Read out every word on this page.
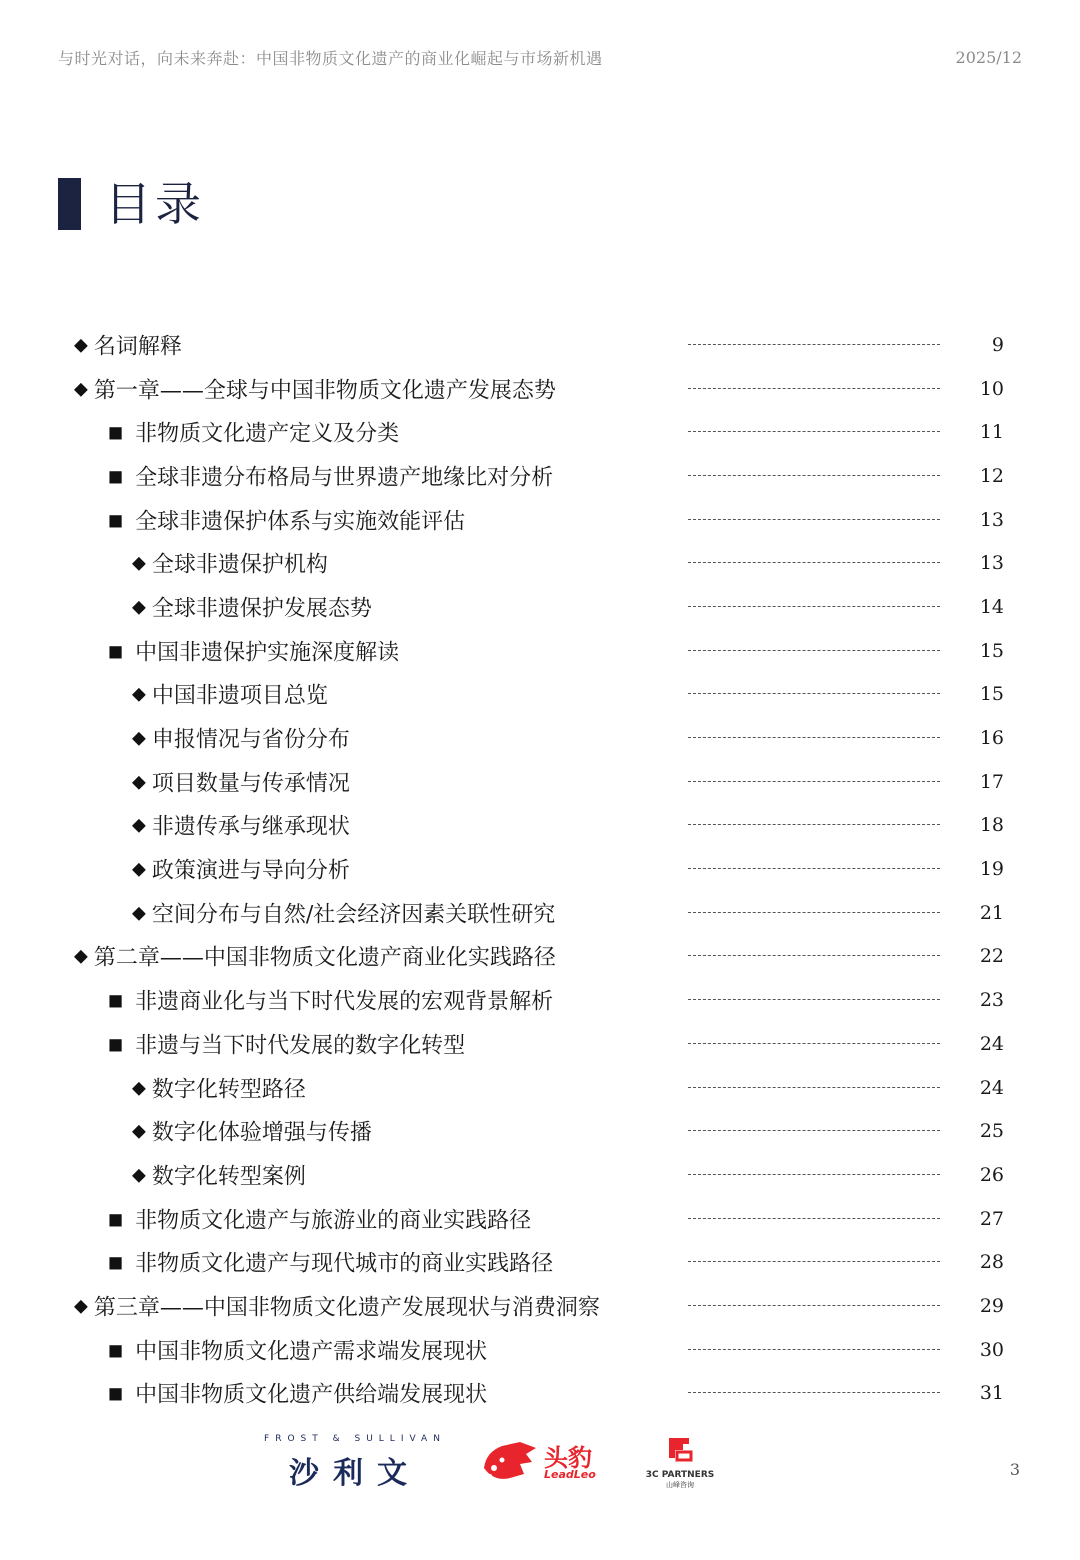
与时光对话，向未来奔赴：中国非物质文化遗产的商业化崛起与市场新机遇	2025/12
目录
◆ 名词解释	9
◆ 第一章——全球与中国非物质文化遗产发展态势	10
■ 非物质文化遗产定义及分类	11
■ 全球非遗分布格局与世界遗产地缘比对分析	12
■ 全球非遗保护体系与实施效能评估	13
◆ 全球非遗保护机构	13
◆ 全球非遗保护发展态势	14
■ 中国非遗保护实施深度解读	15
◆ 中国非遗项目总览	15
◆ 申报情况与省份分布	16
◆ 项目数量与传承情况	17
◆ 非遗传承与继承现状	18
◆ 政策演进与导向分析	19
◆ 空间分布与自然/社会经济因素关联性研究	21
◆ 第二章——中国非物质文化遗产商业化实践路径	22
■ 非遗商业化与当下时代发展的宏观背景解析	23
■ 非遗与当下时代发展的数字化转型	24
◆ 数字化转型路径	24
◆ 数字化体验增强与传播	25
◆ 数字化转型案例	26
■ 非物质文化遗产与旅游业的商业实践路径	27
■ 非物质文化遗产与现代城市的商业实践路径	28
◆ 第三章——中国非物质文化遗产发展现状与消费洞察	29
■ 中国非物质文化遗产需求端发展现状	30
■ 中国非物质文化遗产供给端发展现状	31
FROST & SULLIVAN
沙利文	头豹
LeadLeo	3C PARTNERS
山峰咨询
3
